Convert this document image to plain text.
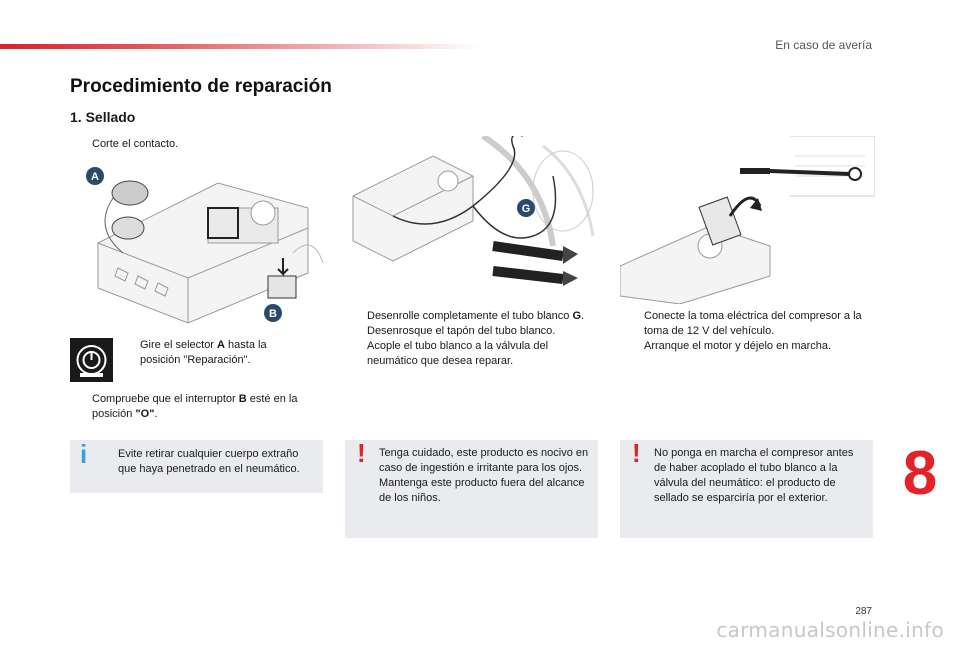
En caso de avería
Procedimiento de reparación
1. Sellado
Corte el contacto.
A
B
Gire el selector A hasta la posición "Reparación".
Compruebe que el interruptor B esté en la posición "O".
i	Evite retirar cualquier cuerpo extraño que haya penetrado en el neumático.
G
Desenrolle completamente el tubo blanco G.
Desenrosque el tapón del tubo blanco.
Acople el tubo blanco a la válvula del neumático que desea reparar.
! Tenga cuidado, este producto es nocivo en caso de ingestión e irritante para los ojos.
Mantenga este producto fuera del alcance de los niños.
Conecte la toma eléctrica del compresor a la toma de 12 V del vehículo.
Arranque el motor y déjelo en marcha.
! No ponga en marcha el compresor antes de haber acoplado el tubo blanco a la válvula del neumático: el producto de sellado se esparciría por el exterior.	8
287
carmanualsonline.info
